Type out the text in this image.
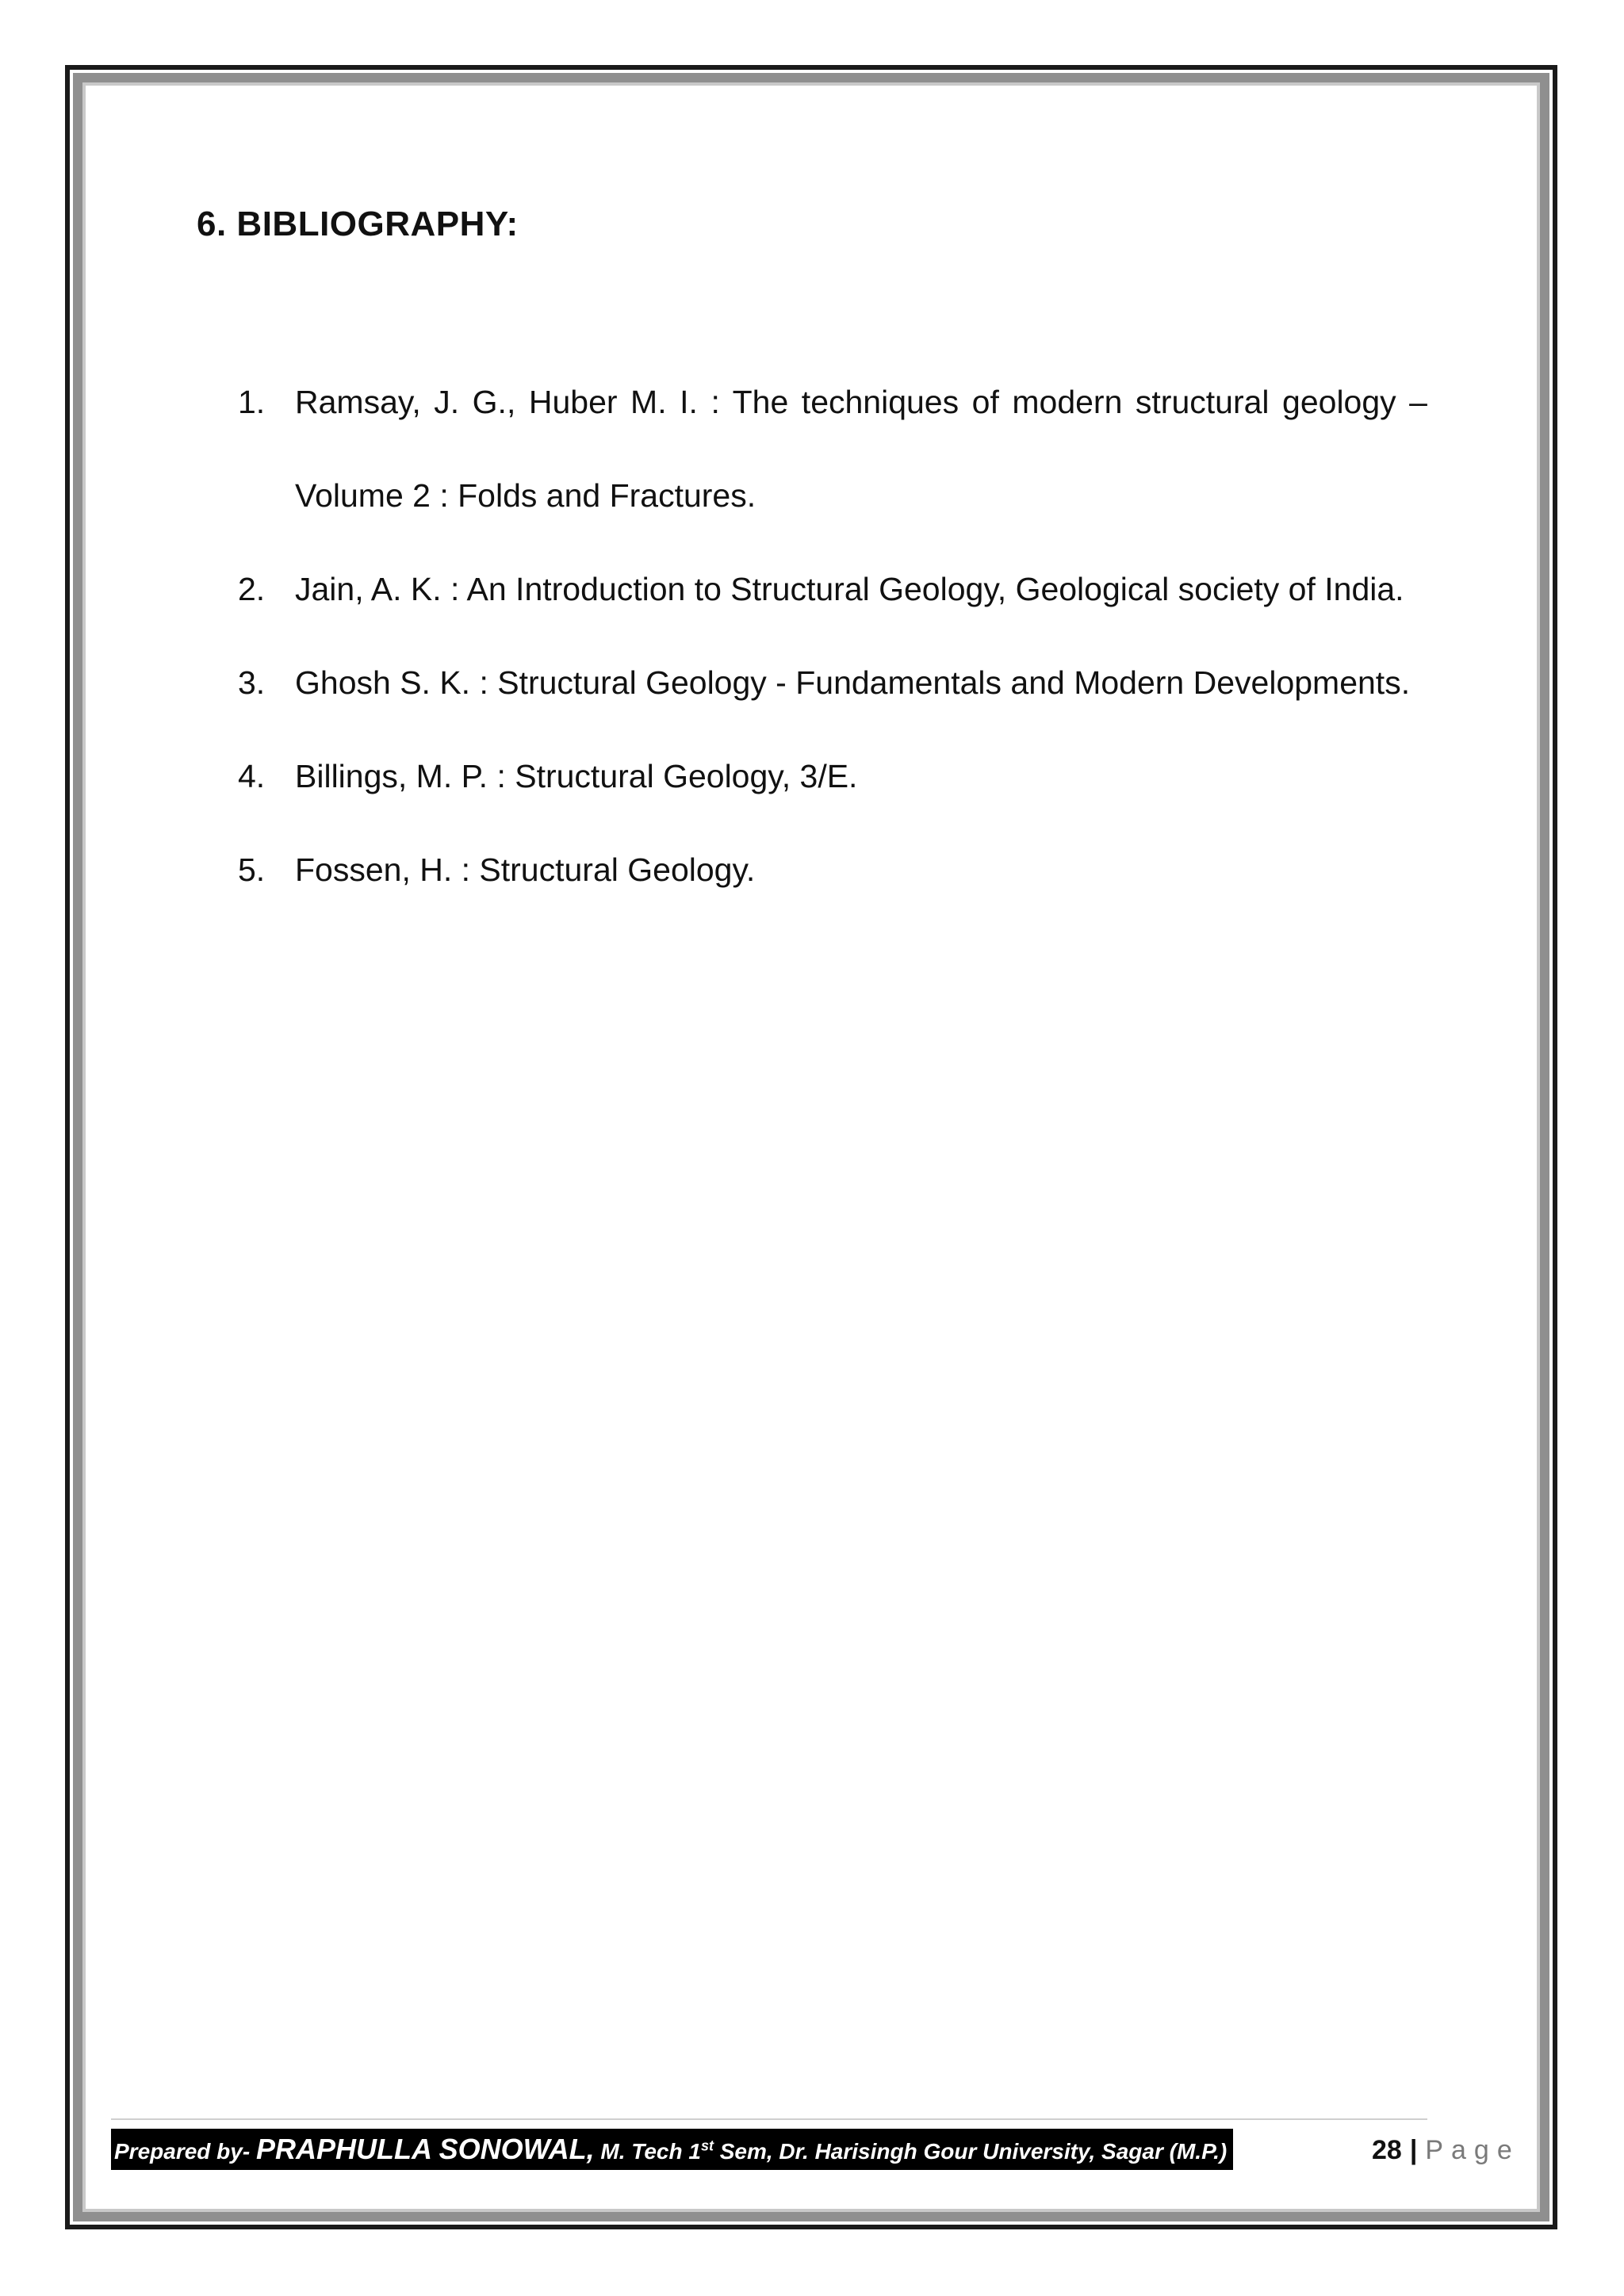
6. BIBLIOGRAPHY:
1. Ramsay, J. G., Huber M. I. : The techniques of modern structural geology – Volume 2 : Folds and Fractures.
2. Jain, A. K. : An Introduction to Structural Geology, Geological society of India.
3. Ghosh S. K. : Structural Geology - Fundamentals and Modern Developments.
4. Billings, M. P. : Structural Geology, 3/E.
5. Fossen, H. : Structural Geology.
Prepared by- PRAPHULLA SONOWAL, M. Tech 1st Sem, Dr. Harisingh Gour University, Sagar (M.P.)	28 | Page
